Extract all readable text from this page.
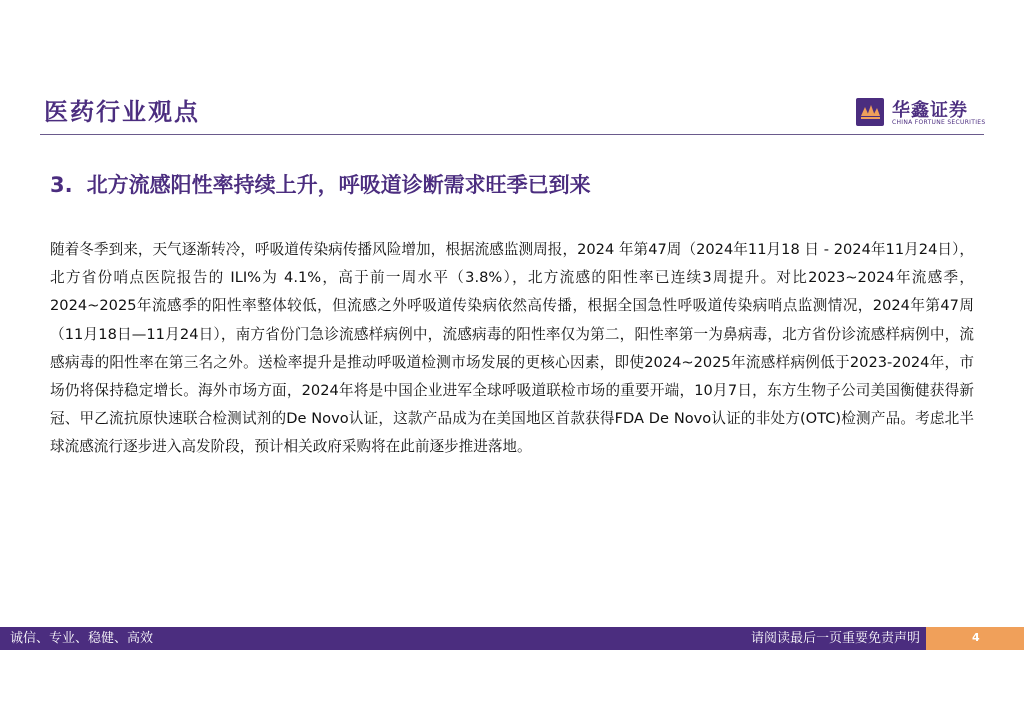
医药行业观点	华鑫证券
CHINA FORTUNE SECURITIES
3. 北方流感阳性率持续上升，呼吸道诊断需求旺季已到来

随着冬季到来，天气逐渐转冷，呼吸道传染病传播风险增加，根据流感监测周报，2024 年第47周（2024年11月18 日 - 2024年11月24日），北方省份哨点医院报告的 ILI%为 4.1%，高于前一周水平（3.8%），北方流感的阳性率已连续3周提升。对比2023~2024年流感季，2024~2025年流感季的阳性率整体较低，但流感之外呼吸道传染病依然高传播，根据全国急性呼吸道传染病哨点监测情况，2024年第47周（11月18日—11月24日），南方省份门急诊流感样病例中，流感病毒的阳性率仅为第二，阳性率第一为鼻病毒，北方省份诊流感样病例中，流感病毒的阳性率在第三名之外。送检率提升是推动呼吸道检测市场发展的更核心因素，即使2024~2025年流感样病例低于2023-2024年，市场仍将保持稳定增长。海外市场方面，2024年将是中国企业进军全球呼吸道联检市场的重要开端，10月7日，东方生物子公司美国衡健获得新冠、甲乙流抗原快速联合检测试剂的De Novo认证，这款产品成为在美国地区首款获得FDA De Novo认证的非处方(OTC)检测产品。考虑北半球流感流行逐步进入高发阶段，预计相关政府采购将在此前逐步推进落地。

诚信、专业、稳健、高效	请阅读最后一页重要免责声明	4
